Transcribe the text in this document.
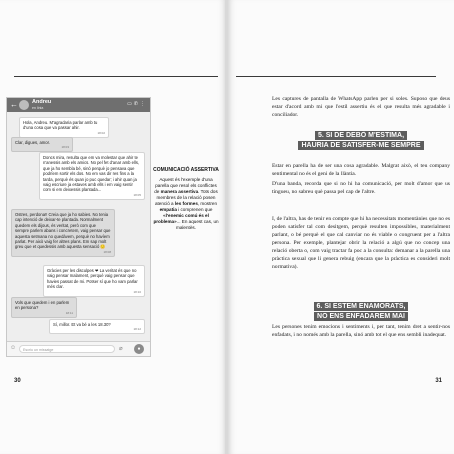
←	Andreu
en línia
▭✆⋮
Hola, Andreu. M'agradaria parlar amb tu d'una cosa que va passar ahir.
18:02
Clar, digues, amor.
18:03
Doncs mira, resulta que em va molestar que ahir te n'anessis amb els amics. No pel fet d'anar amb ells, que ja ho sembla bé, sinó perquè jo pensava que podríem sortir els dos. No em vas dir res fins a la tarda, perquè és quan jo puc quedar; i ahir quan ja vaig escriure ja estaves amb ells i em vaig sentir com si em deixessis plantada...
18:05
Ostres, perdona!! Creia que ja ho sabies. No tenia cap intenció de deixar-te plantada. Normalment quedem els dijous, és veritat, però com que sempre parlem abans i concretem, vaig pensar que aquesta setmana no quedàvem, perquè no havíem parlat. Per això vaig fer altres plans. Em sap molt greu que et quedessis amb aquesta sensació 🙁
18:08
Gràcies per les disculpes ❤ La veritat és que no vaig pensar malament, perquè vaig pensar que havies passat de mi. Potser sí que ho vam parlar més clar.
18:10
Vols que quedem i en parlem en persona?
18:11
Sí, millor. Et va bé a les 18.30?
18:12
☺	Escriu un missatge	⌀	●
COMUNICACIÓ ASSERTIVA
Aquest és l'exemple d'una parella que resol els conflictes de manera assertiva. Tots dos membres de la relació posen atenció a les formes, mostren empatia i comprenen que «l'enemic comú és el problema»... En aquest cas, un malentès.
30	31
Les captures de pantalla de WhatsApp parlen per si soles. Suposo que deus estar d'acord amb mi que l'estil assertiu és el que resulta més agradable i conciliador.
5. SI DE DEBÒ M'ESTIMA,
HAURIA DE SATISFER-ME SEMPRE
Estar en parella ha de ser una cosa agradable. Malgrat això, el teu company sentimental no és el geni de la llàntia.
D'una banda, recorda que si no hi ha comunicació, per molt d'amor que us tingueu, no sabreu què passa pel cap de l'altre.
I, de l'altra, has de tenir en compte que hi ha necessitats momentànies que no es poden satisfer tal com desitgem, perquè resulten impossibles, materialment parlant, o bé perquè el que cal canviar no és viable o congruent per a l'altra persona. Per exemple, plantejar obrir la relació a algú que no concep una relació oberta o, com vaig tractar fa poc a la consulta: demanar a la parella una pràctica sexual que li genera rebuig (encara que la pràctica es consideri molt normativa).
6. SI ESTEM ENAMORATS,
NO ENS ENFADAREM MAI
Les persones tenim emocions i sentiments i, per tant, tenim dret a sentir-nos enfadats, i no només amb la parella, sinó amb tot el que ens sembli inadequat.
